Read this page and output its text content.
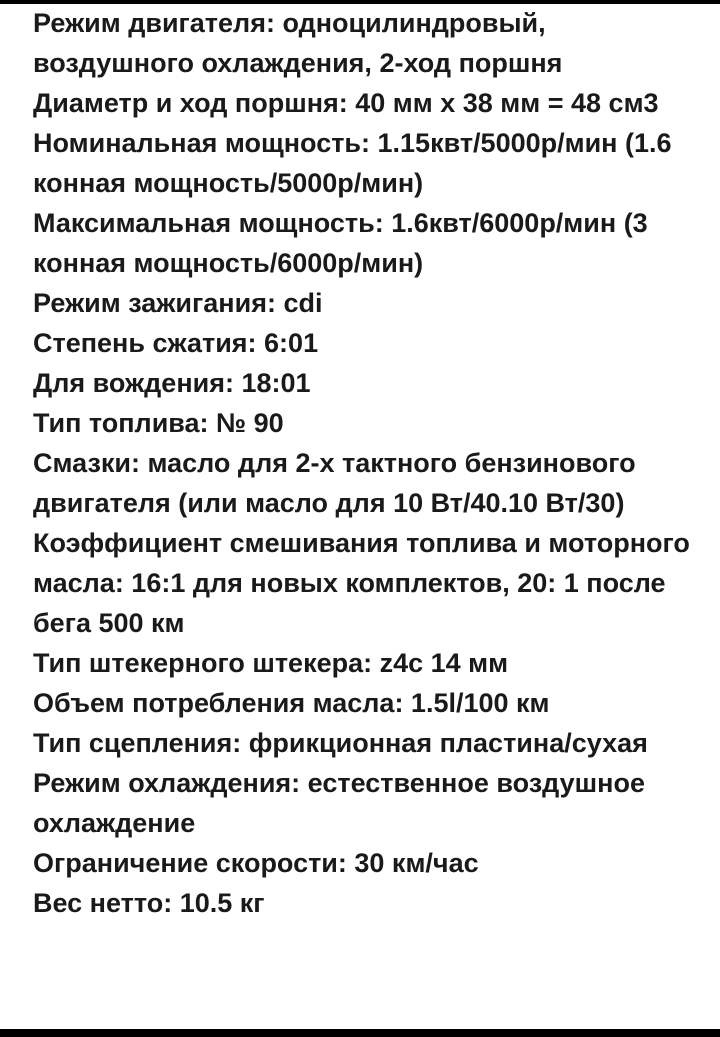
Режим двигателя: одноцилиндровый, воздушного охлаждения, 2-ход поршня

Диаметр и ход поршня: 40 мм х 38 мм = 48 см3

Номинальная мощность: 1.15квт/5000р/мин (1.6 конная мощность/5000р/мин)

Максимальная мощность: 1.6квт/6000р/мин (3 конная мощность/6000р/мин)

Режим зажигания: cdi

Степень сжатия: 6:01

Для вождения: 18:01

Тип топлива: № 90

Смазки: масло для 2-х тактного бензинового двигателя (или масло для 10 Вт/40.10 Вт/30)

Коэффициент смешивания топлива и моторного масла: 16:1 для новых комплектов, 20: 1 после бега 500 км

Тип штекерного штекера: z4c 14 мм

Объем потребления масла: 1.5l/100 км

Тип сцепления: фрикционная пластина/сухая

Режим охлаждения: естественное воздушное охлаждение

Ограничение скорости: 30 км/час

Вес нетто: 10.5 кг
